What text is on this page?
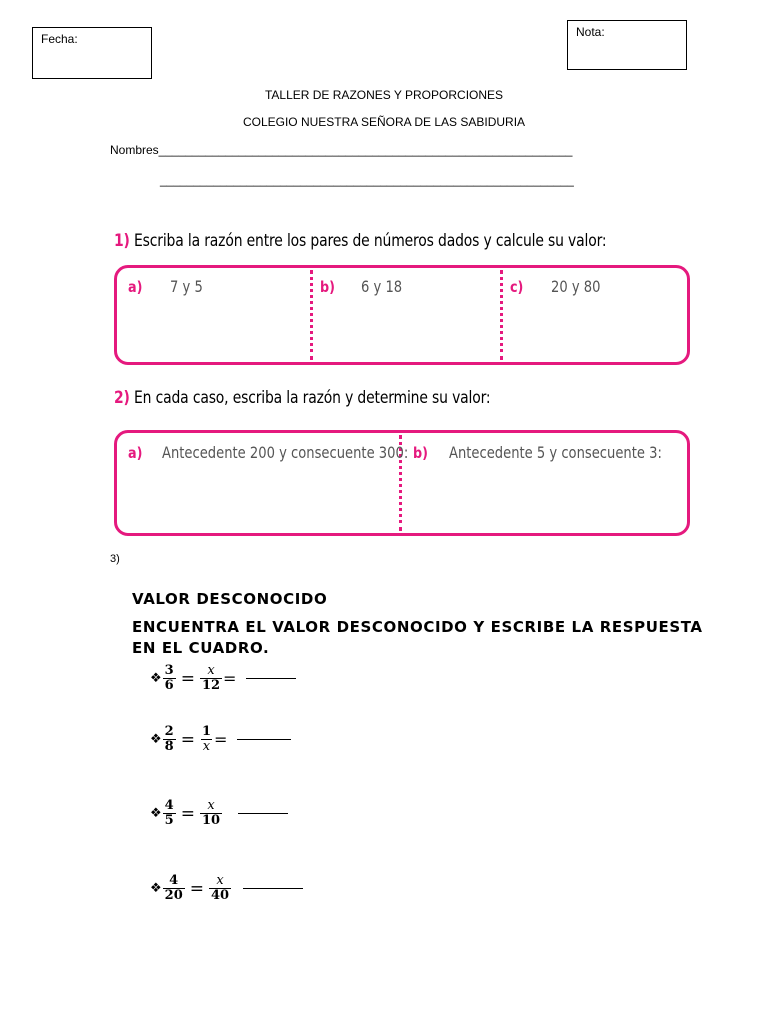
Fecha:	Nota:
TALLER DE RAZONES Y PROPORCIONES
COLEGIO NUESTRA SEÑORA DE LAS SABIDURIA
Nombres______________________________________________________________
______________________________________________________________
1) Escriba la razón entre los pares de números dados y calcule su valor:
a) 7 y 5	b) 6 y 18	c) 20 y 80
2) En cada caso, escriba la razón y determine su valor:
a) Antecedente 200 y consecuente 300: b) Antecedente 5 y consecuente 3:
3)
VALOR DESCONOCIDO
ENCUENTRA EL VALOR DESCONOCIDO Y ESCRIBE LA RESPUESTA
EN EL CUADRO.
❖ $\frac{3}{6} = \frac{x}{12}$ =
❖ $\frac{2}{8} = \frac{1}{x}$ =
❖ $\frac{4}{5} = \frac{x}{10}$
❖ $\frac{4}{20} = \frac{x}{40}$
